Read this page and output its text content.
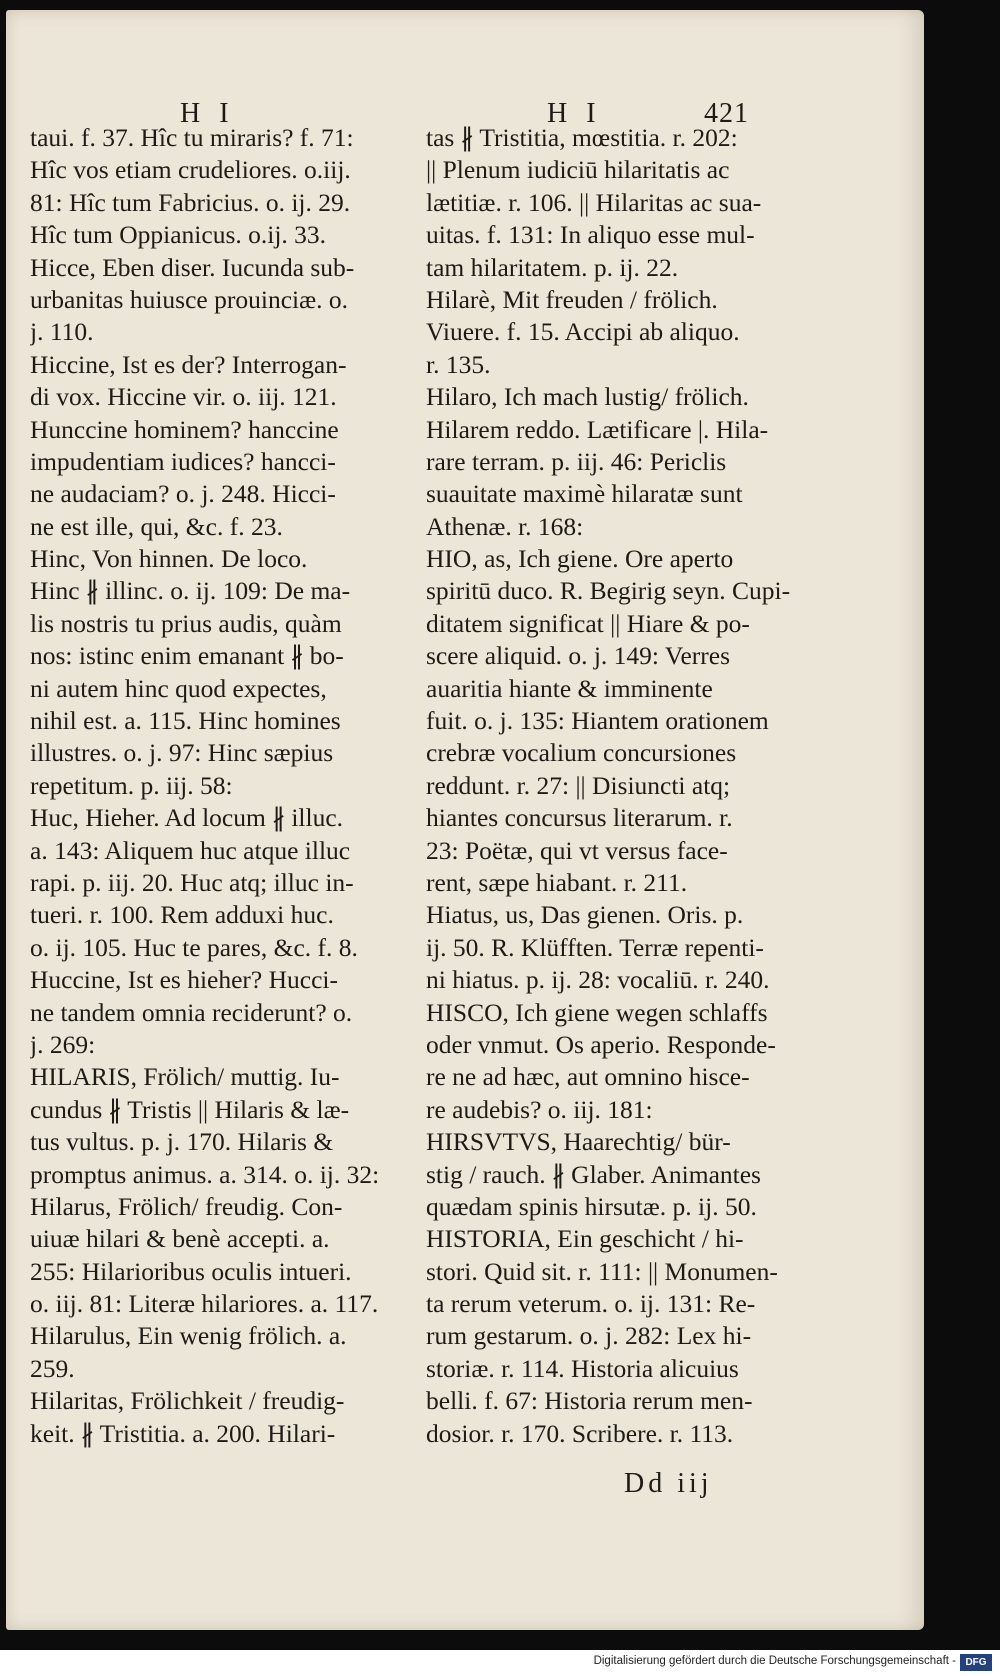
H I	H I	421
taui. f. 37. Hîc tu miraris? f. 71:
Hîc vos etiam crudeliores. o.iij.
81: Hîc tum Fabricius. o. ij. 29.
Hîc tum Oppianicus. o.ij. 33.
Hicce, Eben diser. Iucunda sub-
urbanitas huiusce prouinciæ. o.
j. 110.
Hiccine, Ist es der? Interrogan-
di vox. Hiccine vir. o. iij. 121.
Hunccine hominem? hanccine
impudentiam iudices? hancci-
ne audaciam? o. j. 248. Hicci-
ne est ille, qui, &c. f. 23.
Hinc, Von hinnen. De loco.
Hinc ∦ illinc. o. ij. 109: De ma-
lis nostris tu prius audis, quàm
nos: istinc enim emanant ∦ bo-
ni autem hinc quod expectes,
nihil est. a. 115. Hinc homines
illustres. o. j. 97: Hinc sæpius
repetitum. p. iij. 58:
Huc, Hieher. Ad locum ∦ illuc.
a. 143: Aliquem huc atque illuc
rapi. p. iij. 20. Huc atq; illuc in-
tueri. r. 100. Rem adduxi huc.
o. ij. 105. Huc te pares, &c. f. 8.
Huccine, Ist es hieher? Hucci-
ne tandem omnia reciderunt? o.
j. 269:
HILARIS, Frölich/ muttig. Iu-
cundus ∦ Tristis || Hilaris & læ-
tus vultus. p. j. 170. Hilaris &
promptus animus. a. 314. o. ij. 32:
Hilarus, Frölich/ freudig. Con-
uiuæ hilari & benè accepti. a.
255: Hilarioribus oculis intueri.
o. iij. 81: Literæ hilariores. a. 117.
Hilarulus, Ein wenig frölich. a.
259.
Hilaritas, Frölichkeit / freudig-
keit. ∦ Tristitia. a. 200. Hilari-
tas ∦ Tristitia, mœstitia. r. 202:
|| Plenum iudiciū hilaritatis ac
lætitiæ. r. 106. || Hilaritas ac sua-
uitas. f. 131: In aliquo esse mul-
tam hilaritatem. p. ij. 22.
Hilarè, Mit freuden / frölich.
Viuere. f. 15. Accipi ab aliquo.
r. 135.
Hilaro, Ich mach lustig/ frölich.
Hilarem reddo. Lætificare |. Hila-
rare terram. p. iij. 46: Periclis
suauitate maximè hilaratæ sunt
Athenæ. r. 168:
HIO, as, Ich giene. Ore aperto
spiritū duco. R. Begirig seyn. Cupi-
ditatem significat || Hiare & po-
scere aliquid. o. j. 149: Verres
auaritia hiante & imminente
fuit. o. j. 135: Hiantem orationem
crebræ vocalium concursiones
reddunt. r. 27: || Disiuncti atq;
hiantes concursus literarum. r.
23: Poëtæ, qui vt versus face-
rent, sæpe hiabant. r. 211.
Hiatus, us, Das gienen. Oris. p.
ij. 50. R. Klüfften. Terræ repenti-
ni hiatus. p. ij. 28: vocaliū. r. 240.
HISCO, Ich giene wegen schlaffs
oder vnmut. Os aperio. Responde-
re ne ad hæc, aut omnino hisce-
re audebis? o. iij. 181:
HIRSVTVS, Haarechtig/ bür-
stig / rauch. ∦ Glaber. Animantes
quædam spinis hirsutæ. p. ij. 50.
HISTORIA, Ein geschicht / hi-
stori. Quid sit. r. 111: || Monumen-
ta rerum veterum. o. ij. 131: Re-
rum gestarum. o. j. 282: Lex hi-
storiæ. r. 114. Historia alicuius
belli. f. 67: Historia rerum men-
dosior. r. 170. Scribere. r. 113.
Dd iij
Digitalisierung gefördert durch die Deutsche Forschungsgemeinschaft - DFG
